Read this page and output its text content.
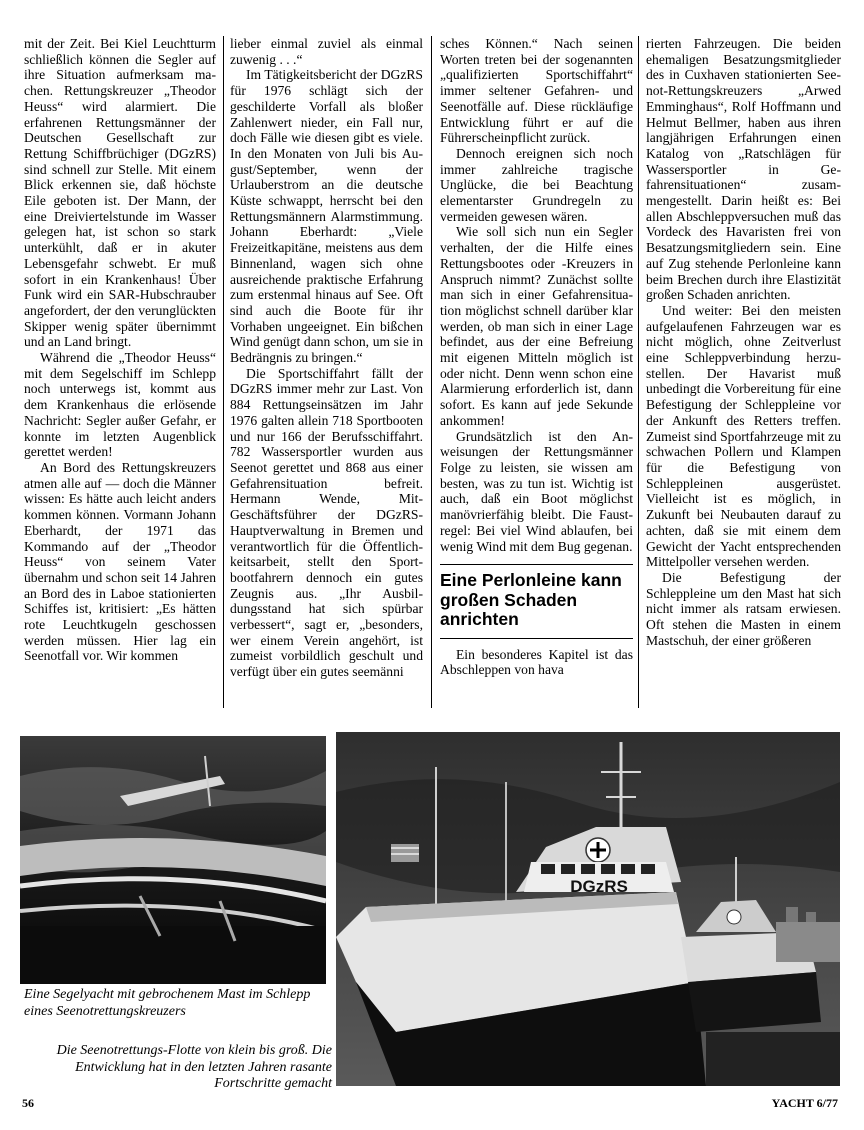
mit der Zeit. Bei Kiel Leuchtturm schließlich können die Segler auf ihre Situation aufmerksam machen. Rettungskreuzer „Theodor Heuss“ wird alarmiert. Die erfahrenen Rettungsmänner der Deutschen Gesellschaft zur Rettung Schiffbrüchiger (DGzRS) sind schnell zur Stelle. Mit einem Blick erkennen sie, daß höchste Eile geboten ist. Der Mann, der eine Dreiviertelstunde im Wasser gelegen hat, ist schon so stark unterkühlt, daß er in akuter Lebensgefahr schwebt. Er muß sofort in ein Krankenhaus! Über Funk wird ein SAR-Hubschrauber angefordert, der den verunglückten Skipper wenig später übernimmt und an Land bringt.

Während die „Theodor Heuss“ mit dem Segelschiff im Schlepp noch unterwegs ist, kommt aus dem Krankenhaus die erlösende Nachricht: Segler außer Gefahr, er konnte im letzten Augenblick gerettet werden!

An Bord des Rettungskreuzers atmen alle auf — doch die Männer wissen: Es hätte auch leicht anders kommen können. Vormann Johann Eberhardt, der 1971 das Kommando auf der „Theodor Heuss“ von seinem Vater übernahm und schon seit 14 Jahren an Bord des in Laboe stationierten Schiffes ist, kritisiert: „Es hätten rote Leuchtkugeln geschossen werden müssen. Hier lag ein Seenotfall vor. Wir kommen

lieber einmal zuviel als einmal zuwenig . . .“

Im Tätigkeitsbericht der DGzRS für 1976 schlägt sich der geschilderte Vorfall als bloßer Zahlenwert nieder, ein Fall nur, doch Fälle wie diesen gibt es viele. In den Monaten von Juli bis August/September, wenn der Urlauberstrom an die deutsche Küste schwappt, herrscht bei den Rettungsmännern Alarmstimmung. Johann Eberhardt: „Viele Freizeitkapitäne, meistens aus dem Binnenland, wagen sich ohne ausreichende praktische Erfahrung zum erstenmal hinaus auf See. Oft sind auch die Boote für ihr Vorhaben ungeeignet. Ein bißchen Wind genügt dann schon, um sie in Bedrängnis zu bringen.“

Die Sportschiffahrt fällt der DGzRS immer mehr zur Last. Von 884 Rettungseinsätzen im Jahr 1976 galten allein 718 Sportbooten und nur 166 der Berufsschiffahrt. 782 Wassersportler wurden aus Seenot gerettet und 868 aus einer Gefahrensituation befreit. Hermann Wende, Mit-Geschäftsführer der DGzRS-Hauptverwaltung in Bremen und verantwortlich für die Öffentlichkeitsarbeit, stellt den Sportbootfahrern dennoch ein gutes Zeugnis aus. „Ihr Ausbildungsstand hat sich spürbar verbessert“, sagt er, „besonders, wer einem Verein angehört, ist zumeist vorbildlich geschult und verfügt über ein gutes seemänni

sches Können.“ Nach seinen Worten treten bei der sogenannten „qualifizierten Sportschiffahrt“ immer seltener Gefahren- und Seenotfälle auf. Diese rückläufige Entwicklung führt er auf die Führerscheinpflicht zurück.

Dennoch ereignen sich noch immer zahlreiche tragische Unglücke, die bei Beachtung elementarster Grundregeln zu vermeiden gewesen wären.

Wie soll sich nun ein Segler verhalten, der die Hilfe eines Rettungsbootes oder -Kreuzers in Anspruch nimmt? Zunächst sollte man sich in einer Gefahrensituation möglichst schnell darüber klar werden, ob man sich in einer Lage befindet, aus der eine Befreiung mit eigenen Mitteln möglich ist oder nicht. Denn wenn schon eine Alarmierung erforderlich ist, dann sofort. Es kann auf jede Sekunde ankommen!

Grundsätzlich ist den Anweisungen der Rettungsmänner Folge zu leisten, sie wissen am besten, was zu tun ist. Wichtig ist auch, daß ein Boot möglichst manövrierfähig bleibt. Die Faustregel: Bei viel Wind ablaufen, bei wenig Wind mit dem Bug gegenan.

Eine Perlonleine kann großen Schaden anrichten

Ein besonderes Kapitel ist das Abschleppen von hava

rierten Fahrzeugen. Die beiden ehemaligen Besatzungsmitglieder des in Cuxhaven stationierten Seenot-Rettungskreuzers „Arwed Emminghaus“, Rolf Hoffmann und Helmut Bellmer, haben aus ihren langjährigen Erfahrungen einen Katalog von „Ratschlägen für Wassersportler in Gefahrensituationen“ zusammengestellt. Darin heißt es: Bei allen Abschleppversuchen muß das Vordeck des Havaristen frei von Besatzungsmitgliedern sein. Eine auf Zug stehende Perlonleine kann beim Brechen durch ihre Elastizität großen Schaden anrichten.

Und weiter: Bei den meisten aufgelaufenen Fahrzeugen war es nicht möglich, ohne Zeitverlust eine Schleppverbindung herzustellen. Der Havarist muß unbedingt die Vorbereitung für eine Befestigung der Schleppleine vor der Ankunft des Retters treffen. Zumeist sind Sportfahrzeuge mit zu schwachen Pollern und Klampen für die Befestigung von Schleppleinen ausgerüstet. Vielleicht ist es möglich, in Zukunft bei Neubauten darauf zu achten, daß sie mit einem dem Gewicht der Yacht entsprechenden Mittelpoller versehen werden.

Die Befestigung der Schleppleine um den Mast hat sich nicht immer als ratsam erwiesen. Oft stehen die Masten in einem Mastschuh, der einer größeren

Eine Segelyacht mit gebrochenem Mast im Schlepp eines Seenotrettungskreuzers
DGzRS
Die Seenotrettungs-Flotte von klein bis groß. Die Entwicklung hat in den letzten Jahren rasante Fortschritte gemacht
56	YACHT 6/77
